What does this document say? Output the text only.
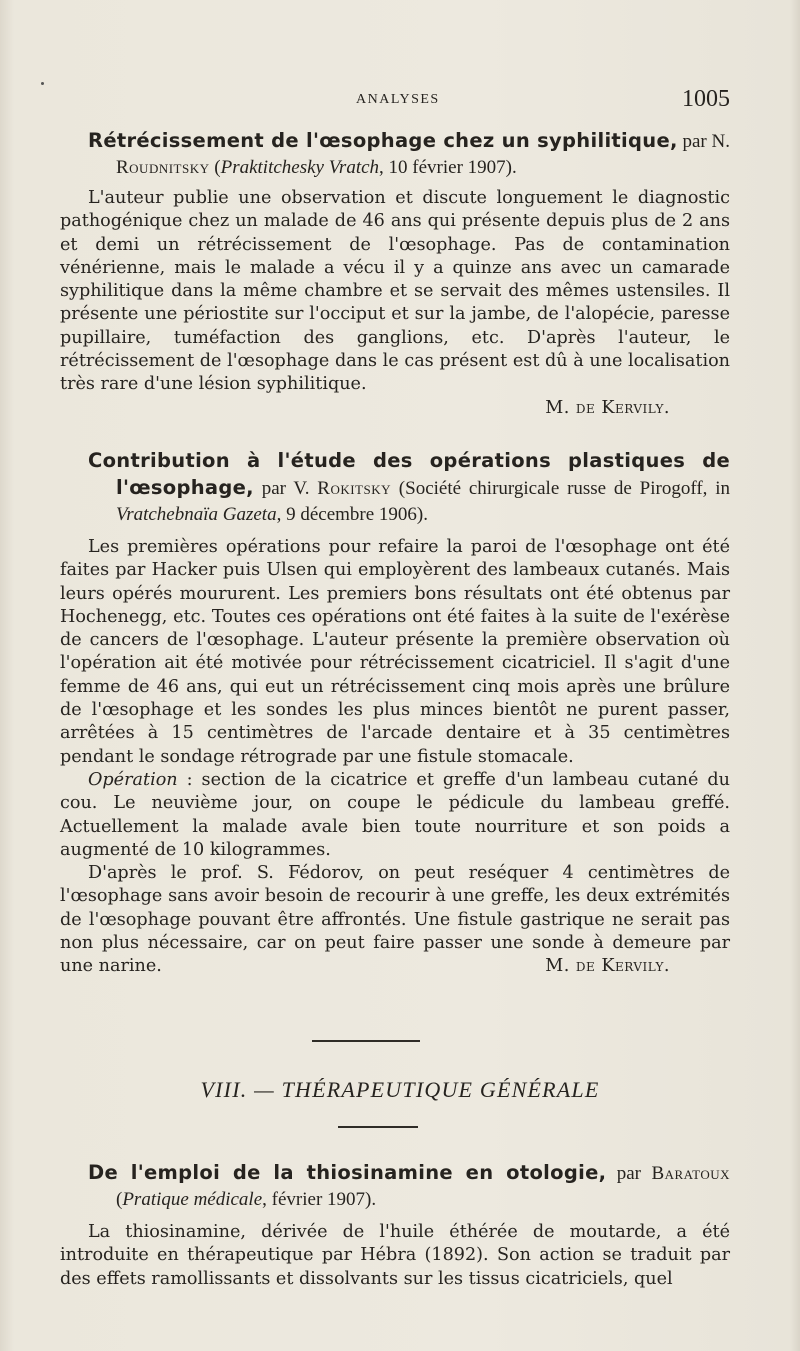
ANALYSES	1005

Rétrécissement de l'œsophage chez un syphilitique, par N. Roudnitsky (Praktitchesky Vratch, 10 février 1907).

L'auteur publie une observation et discute longuement le diagnostic pathogénique chez un malade de 46 ans qui présente depuis plus de 2 ans et demi un rétrécissement de l'œsophage. Pas de contamination vénérienne, mais le malade a vécu il y a quinze ans avec un camarade syphilitique dans la même chambre et se servait des mêmes ustensiles. Il présente une périostite sur l'occiput et sur la jambe, de l'alopécie, paresse pupillaire, tuméfaction des ganglions, etc. D'après l'auteur, le rétrécissement de l'œsophage dans le cas présent est dû à une localisation très rare d'une lésion syphilitique.

M. de Kervily.

Contribution à l'étude des opérations plastiques de l'œsophage, par V. Rokitsky (Société chirurgicale russe de Pirogoff, in Vratchebnaïa Gazeta, 9 décembre 1906).

Les premières opérations pour refaire la paroi de l'œsophage ont été faites par Hacker puis Ulsen qui employèrent des lambeaux cutanés. Mais leurs opérés moururent. Les premiers bons résultats ont été obtenus par Hochenegg, etc. Toutes ces opérations ont été faites à la suite de l'exérèse de cancers de l'œsophage. L'auteur présente la première observation où l'opération ait été motivée pour rétrécissement cicatriciel. Il s'agit d'une femme de 46 ans, qui eut un rétrécissement cinq mois après une brûlure de l'œsophage et les sondes les plus minces bientôt ne purent passer, arrêtées à 15 centimètres de l'arcade dentaire et à 35 centimètres pendant le sondage rétrograde par une fistule stomacale.

Opération : section de la cicatrice et greffe d'un lambeau cutané du cou. Le neuvième jour, on coupe le pédicule du lambeau greffé. Actuellement la malade avale bien toute nourriture et son poids a augmenté de 10 kilogrammes.

D'après le prof. S. Fédorov, on peut reséquer 4 centimètres de l'œsophage sans avoir besoin de recourir à une greffe, les deux extrémités de l'œsophage pouvant être affrontés. Une fistule gastrique ne serait pas non plus nécessaire, car on peut faire passer une sonde à demeure par une narine.	M. de Kervily.

VIII. — THÉRAPEUTIQUE GÉNÉRALE

De l'emploi de la thiosinamine en otologie, par Baratoux (Pratique médicale, février 1907).

La thiosinamine, dérivée de l'huile éthérée de moutarde, a été introduite en thérapeutique par Hébra (1892). Son action se traduit par des effets ramollissants et dissolvants sur les tissus cicatriciels, quel
